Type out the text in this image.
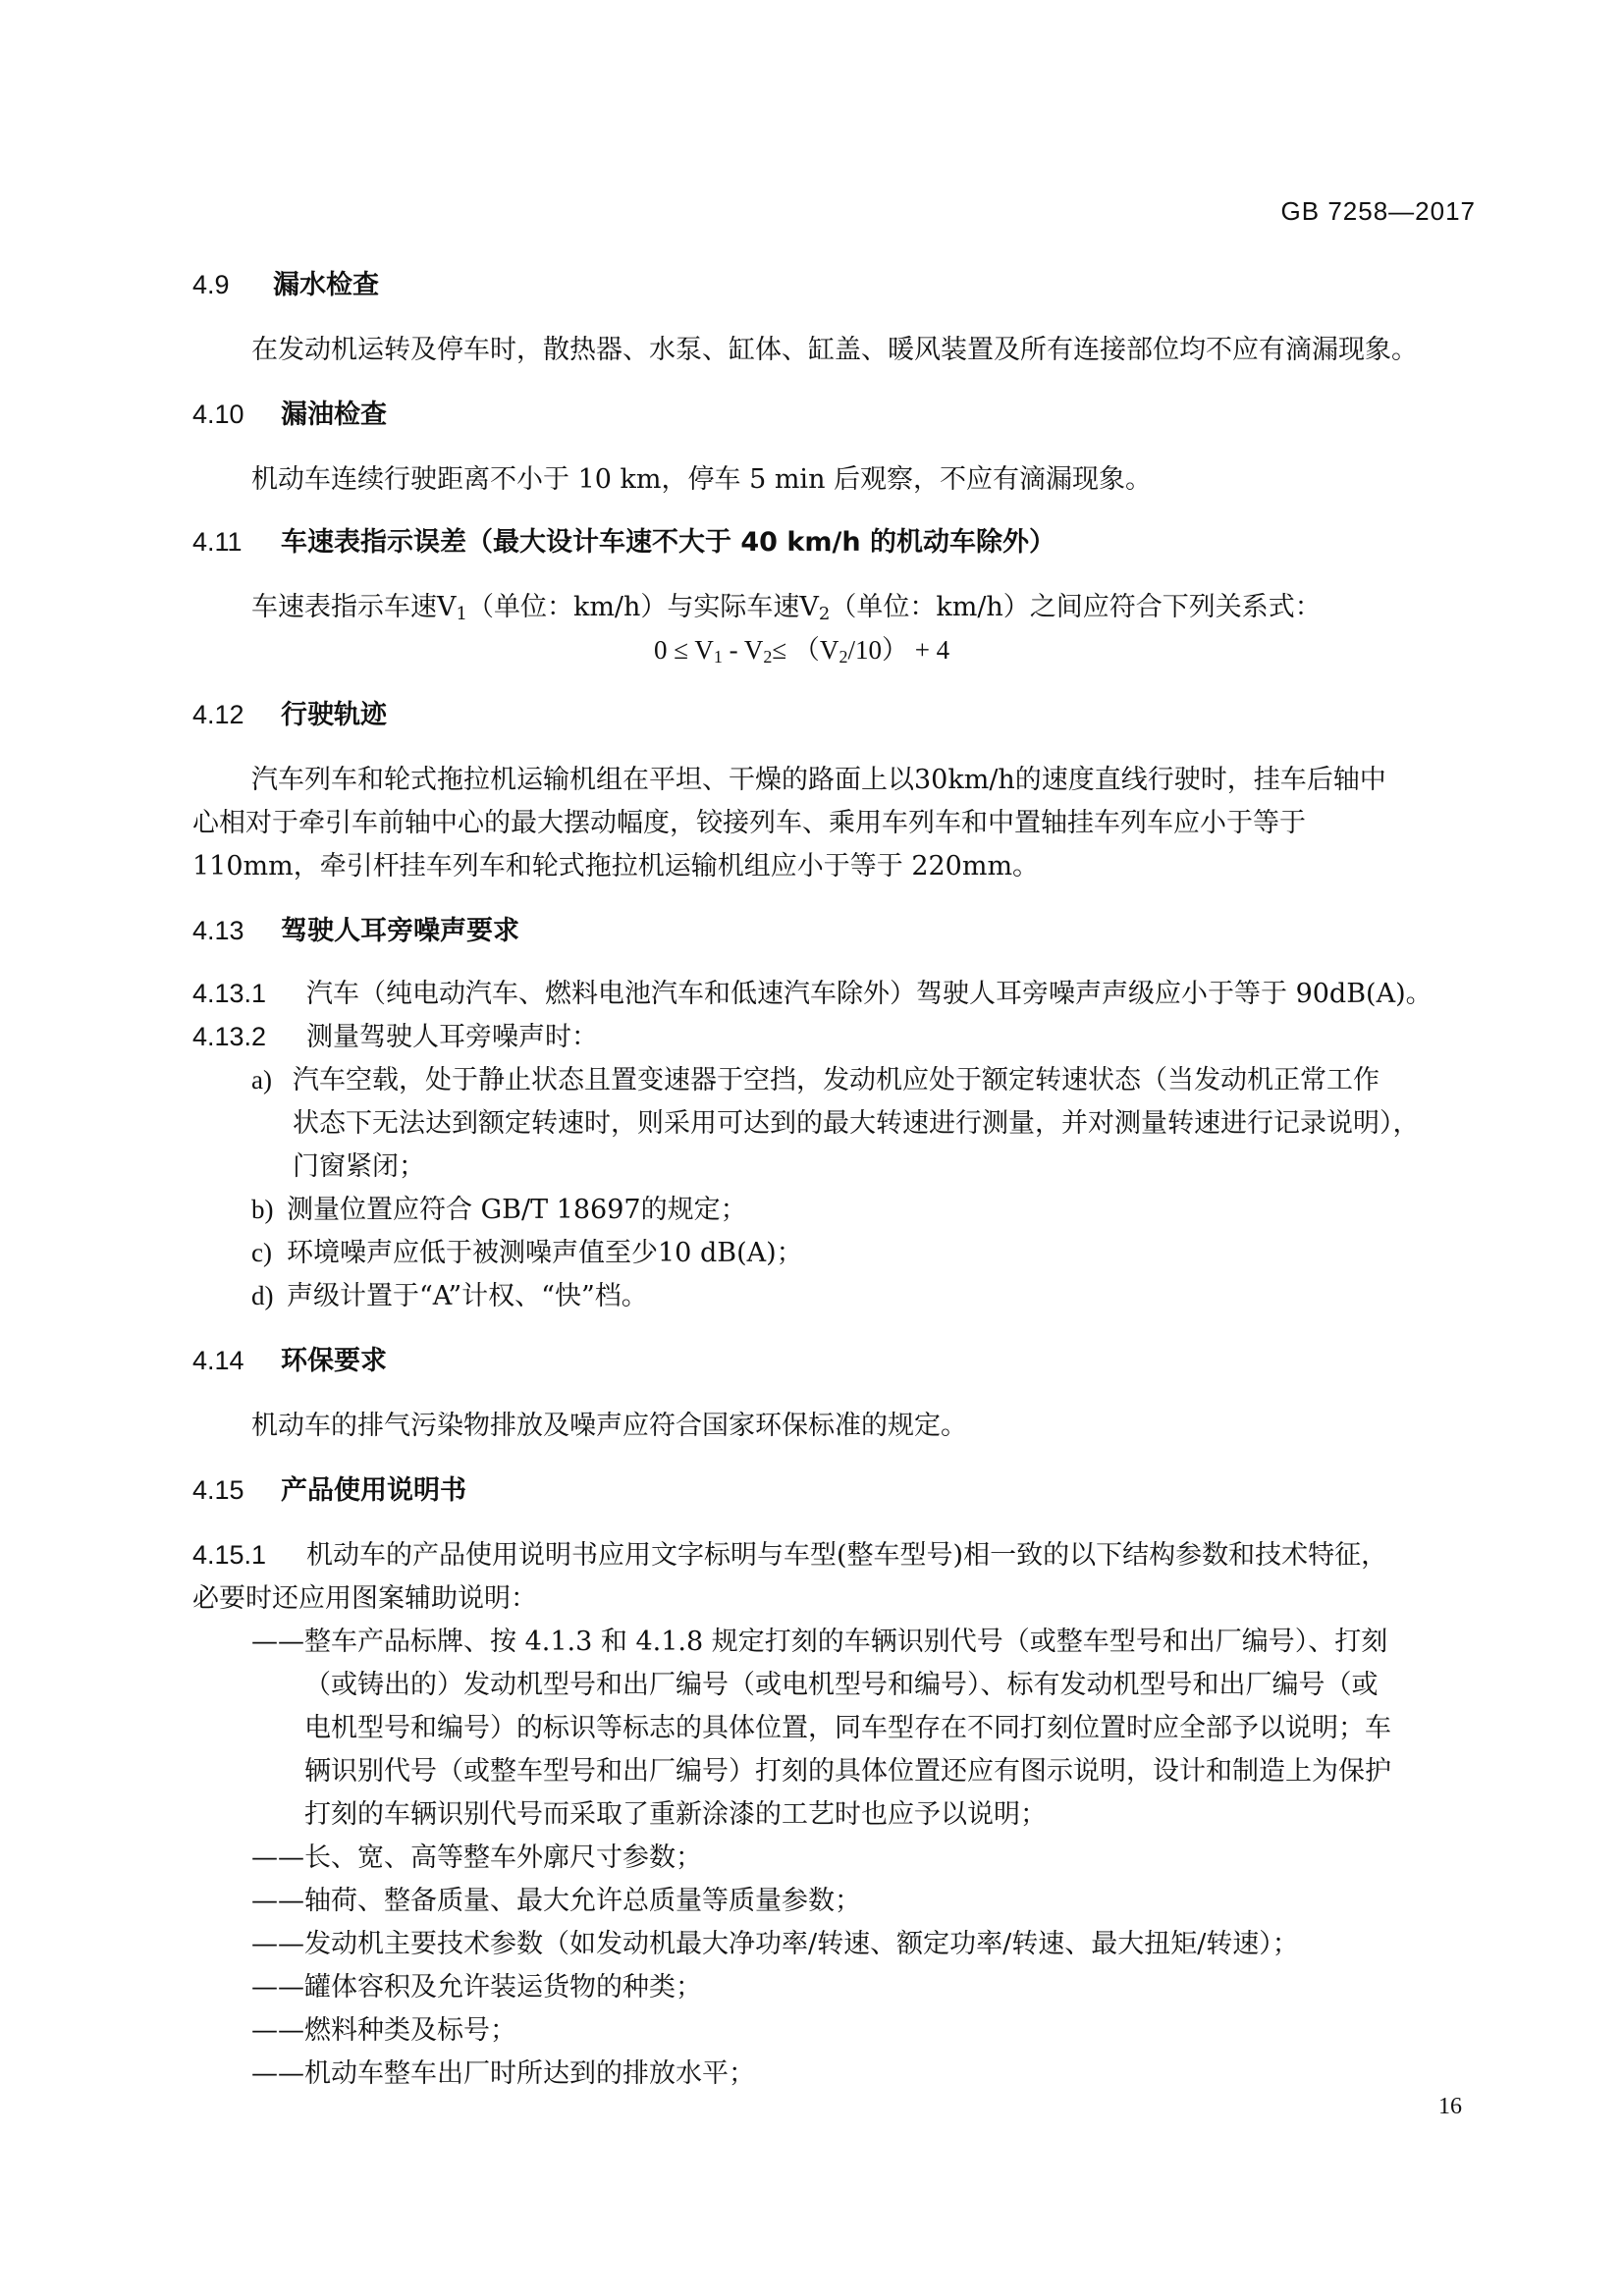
GB 7258—2017
4.9 漏水检查
在发动机运转及停车时，散热器、水泵、缸体、缸盖、暖风装置及所有连接部位均不应有滴漏现象。
4.10 漏油检查
机动车连续行驶距离不小于 10 km，停车 5 min 后观察，不应有滴漏现象。
4.11 车速表指示误差（最大设计车速不大于 40 km/h 的机动车除外）
车速表指示车速$V_1$（单位：km/h）与实际车速$V_2$（单位：km/h）之间应符合下列关系式：
$0 \le V_1 - V_2\le (V_2/10) + 4$
4.12 行驶轨迹
汽车列车和轮式拖拉机运输机组在平坦、干燥的路面上以30km/h的速度直线行驶时，挂车后轴中
心相对于牵引车前轴中心的最大摆动幅度，铰接列车、乘用车列车和中置轴挂车列车应小于等于
110mm，牵引杆挂车列车和轮式拖拉机运输机组应小于等于 220mm。
4.13 驾驶人耳旁噪声要求
4.13.1 汽车（纯电动汽车、燃料电池汽车和低速汽车除外）驾驶人耳旁噪声声级应小于等于 90dB(A)。
4.13.2 测量驾驶人耳旁噪声时：
a) 汽车空载，处于静止状态且置变速器于空挡，发动机应处于额定转速状态（当发动机正常工作
状态下无法达到额定转速时，则采用可达到的最大转速进行测量，并对测量转速进行记录说明），
门窗紧闭；
b) 测量位置应符合 GB/T 18697的规定；
c) 环境噪声应低于被测噪声值至少10 dB(A)；
d) 声级计置于“A”计权、“快”档。
4.14 环保要求
机动车的排气污染物排放及噪声应符合国家环保标准的规定。
4.15 产品使用说明书
4.15.1 机动车的产品使用说明书应用文字标明与车型(整车型号)相一致的以下结构参数和技术特征，
必要时还应用图案辅助说明：
——整车产品标牌、按 4.1.3 和 4.1.8 规定打刻的车辆识别代号（或整车型号和出厂编号）、打刻
（或铸出的）发动机型号和出厂编号（或电机型号和编号）、标有发动机型号和出厂编号（或
电机型号和编号）的标识等标志的具体位置，同车型存在不同打刻位置时应全部予以说明；车
辆识别代号（或整车型号和出厂编号）打刻的具体位置还应有图示说明，设计和制造上为保护
打刻的车辆识别代号而采取了重新涂漆的工艺时也应予以说明；
——长、宽、高等整车外廓尺寸参数；
——轴荷、整备质量、最大允许总质量等质量参数；
——发动机主要技术参数（如发动机最大净功率/转速、额定功率/转速、最大扭矩/转速）；
——罐体容积及允许装运货物的种类；
——燃料种类及标号；
——机动车整车出厂时所达到的排放水平；
16
